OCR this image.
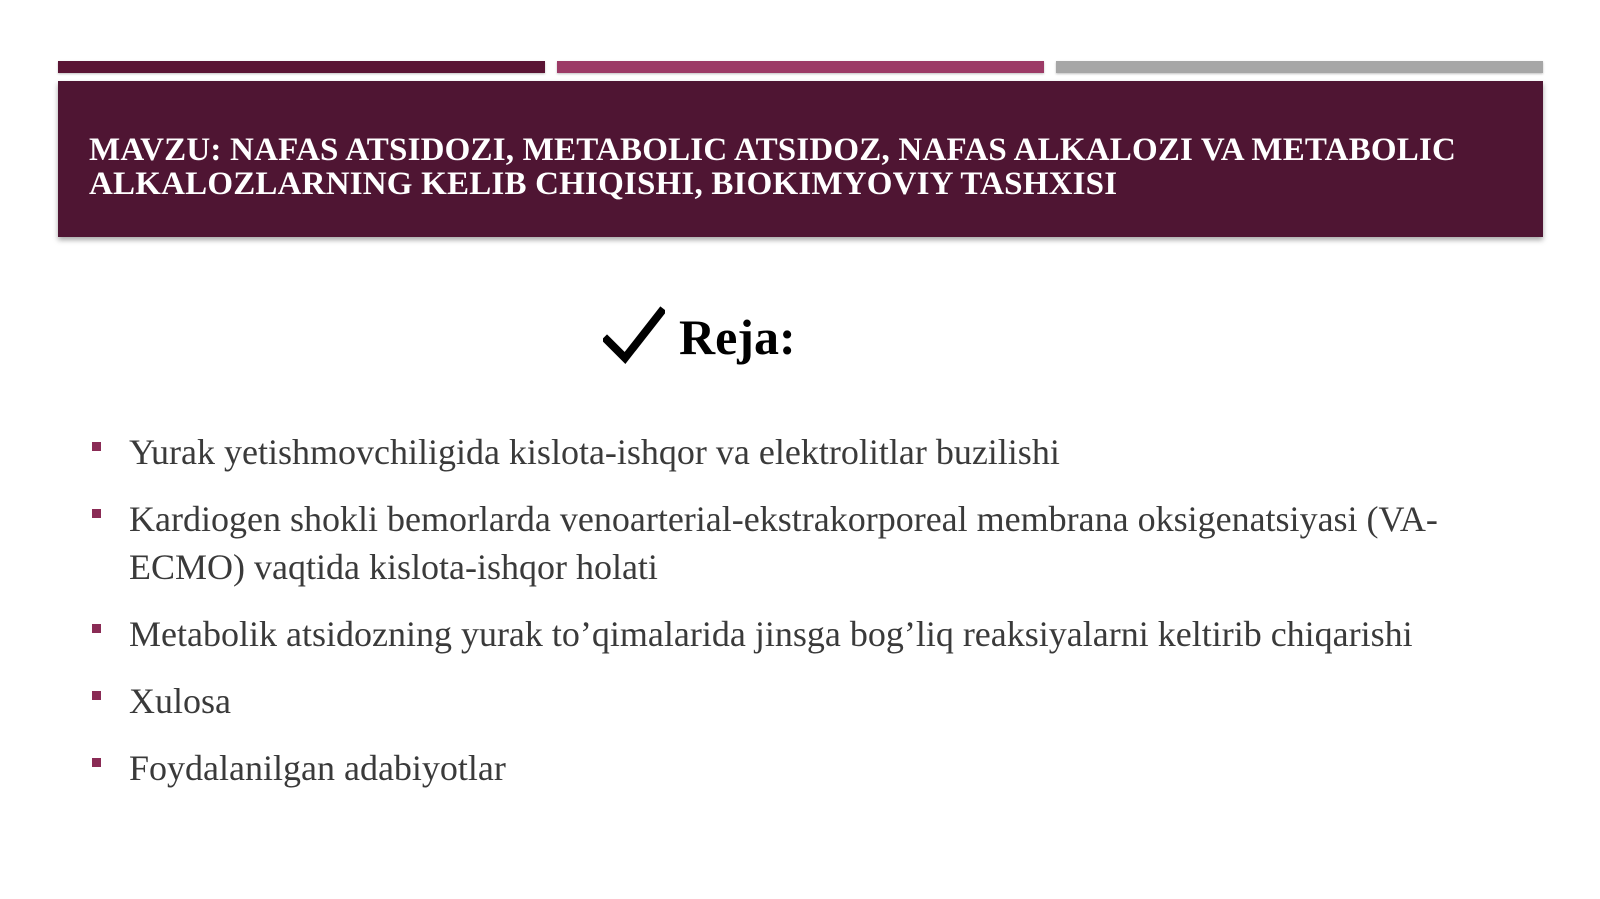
MAVZU: NAFAS ATSIDOZI, METABOLIC ATSIDOZ, NAFAS ALKALOZI VA METABOLIC ALKALOZLARNING KELIB CHIQISHI, BIOKIMYOVIY TASHXISI
Reja:
Yurak yetishmovchiligida kislota-ishqor va elektrolitlar buzilishi
Kardiogen shokli bemorlarda venoarterial-ekstrakorporeal membrana oksigenatsiyasi (VA-ECMO) vaqtida kislota-ishqor holati
Metabolik atsidozning yurak to’qimalarida jinsga bog’liq reaksiyalarni keltirib chiqarishi
Xulosa
Foydalanilgan adabiyotlar
